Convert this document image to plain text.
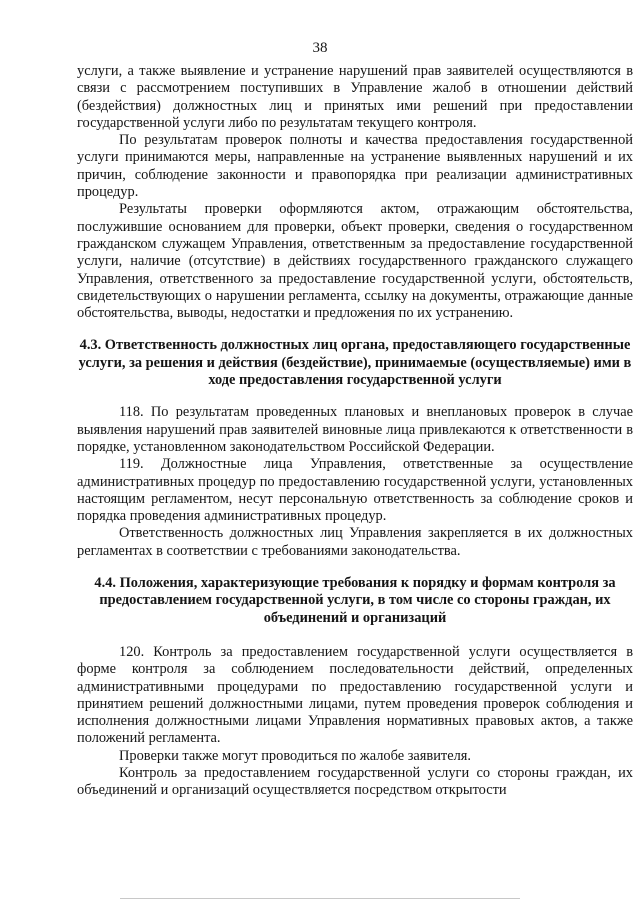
38

услуги, а также выявление и устранение нарушений прав заявителей осуществляются в связи с рассмотрением поступивших в Управление жалоб в отношении действий (бездействия) должностных лиц и принятых ими решений при предоставлении государственной услуги либо по результатам текущего контроля.

По результатам проверок полноты и качества предоставления государственной услуги принимаются меры, направленные на устранение выявленных нарушений и их причин, соблюдение законности и правопорядка при реализации административных процедур.

Результаты проверки оформляются актом, отражающим обстоятельства, послужившие основанием для проверки, объект проверки, сведения о государственном гражданском служащем Управления, ответственным за предоставление государственной услуги, наличие (отсутствие) в действиях государственного гражданского служащего Управления, ответственного за предоставление государственной услуги, обстоятельств, свидетельствующих о нарушении регламента, ссылку на документы, отражающие данные обстоятельства, выводы, недостатки и предложения по их устранению.

4.3. Ответственность должностных лиц органа, предоставляющего государственные услуги, за решения и действия (бездействие), принимаемые (осуществляемые) ими в ходе предоставления государственной услуги

118. По результатам проведенных плановых и внеплановых проверок в случае выявления нарушений прав заявителей виновные лица привлекаются к ответственности в порядке, установленном законодательством Российской Федерации.

119. Должностные лица Управления, ответственные за осуществление административных процедур по предоставлению государственной услуги, установленных настоящим регламентом, несут персональную ответственность за соблюдение сроков и порядка проведения административных процедур.

Ответственность должностных лиц Управления закрепляется в их должностных регламентах в соответствии с требованиями законодательства.

4.4. Положения, характеризующие требования к порядку и формам контроля за предоставлением государственной услуги, в том числе со стороны граждан, их объединений и организаций

120. Контроль за предоставлением государственной услуги осуществляется в форме контроля за соблюдением последовательности действий, определенных административными процедурами по предоставлению государственной услуги и принятием решений должностными лицами, путем проведения проверок соблюдения и исполнения должностными лицами Управления нормативных правовых актов, а также положений регламента.

Проверки также могут проводиться по жалобе заявителя.

Контроль за предоставлением государственной услуги со стороны граждан, их объединений и организаций осуществляется посредством открытости
